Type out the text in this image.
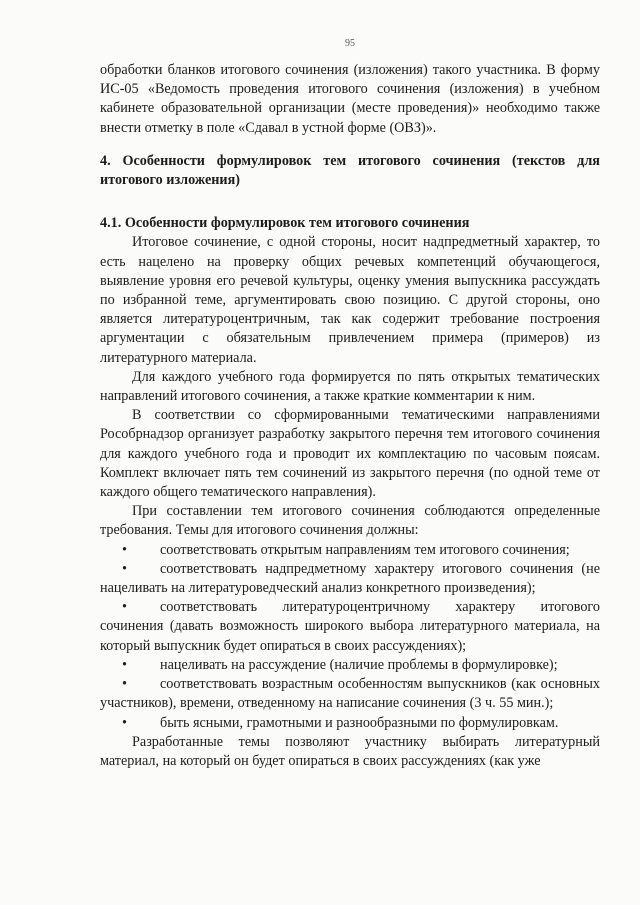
95

обработки бланков итогового сочинения (изложения) такого участника. В форму ИС-05 «Ведомость проведения итогового сочинения (изложения) в учебном кабинете образовательной организации (месте проведения)» необходимо также внести отметку в поле «Сдавал в устной форме (ОВЗ)».

4. Особенности формулировок тем итогового сочинения (текстов для итогового изложения)
4.1. Особенности формулировок тем итогового сочинения

Итоговое сочинение, с одной стороны, носит надпредметный характер, то есть нацелено на проверку общих речевых компетенций обучающегося, выявление уровня его речевой культуры, оценку умения выпускника рассуждать по избранной теме, аргументировать свою позицию. С другой стороны, оно является литературоцентричным, так как содержит требование построения аргументации с обязательным привлечением примера (примеров) из литературного материала.

Для каждого учебного года формируется по пять открытых тематических направлений итогового сочинения, а также краткие комментарии к ним.

В соответствии со сформированными тематическими направлениями Рособрнадзор организует разработку закрытого перечня тем итогового сочинения для каждого учебного года и проводит их комплектацию по часовым поясам. Комплект включает пять тем сочинений из закрытого перечня (по одной теме от каждого общего тематического направления).

При составлении тем итогового сочинения соблюдаются определенные требования. Темы для итогового сочинения должны:

• соответствовать открытым направлениям тем итогового сочинения;

• соответствовать надпредметному характеру итогового сочинения (не нацеливать на литературоведческий анализ конкретного произведения);

• соответствовать литературоцентричному характеру итогового сочинения (давать возможность широкого выбора литературного материала, на который выпускник будет опираться в своих рассуждениях);

• нацеливать на рассуждение (наличие проблемы в формулировке);

• соответствовать возрастным особенностям выпускников (как основных участников), времени, отведенному на написание сочинения (3 ч. 55 мин.);

• быть ясными, грамотными и разнообразными по формулировкам.

Разработанные темы позволяют участнику выбирать литературный материал, на который он будет опираться в своих рассуждениях (как уже
